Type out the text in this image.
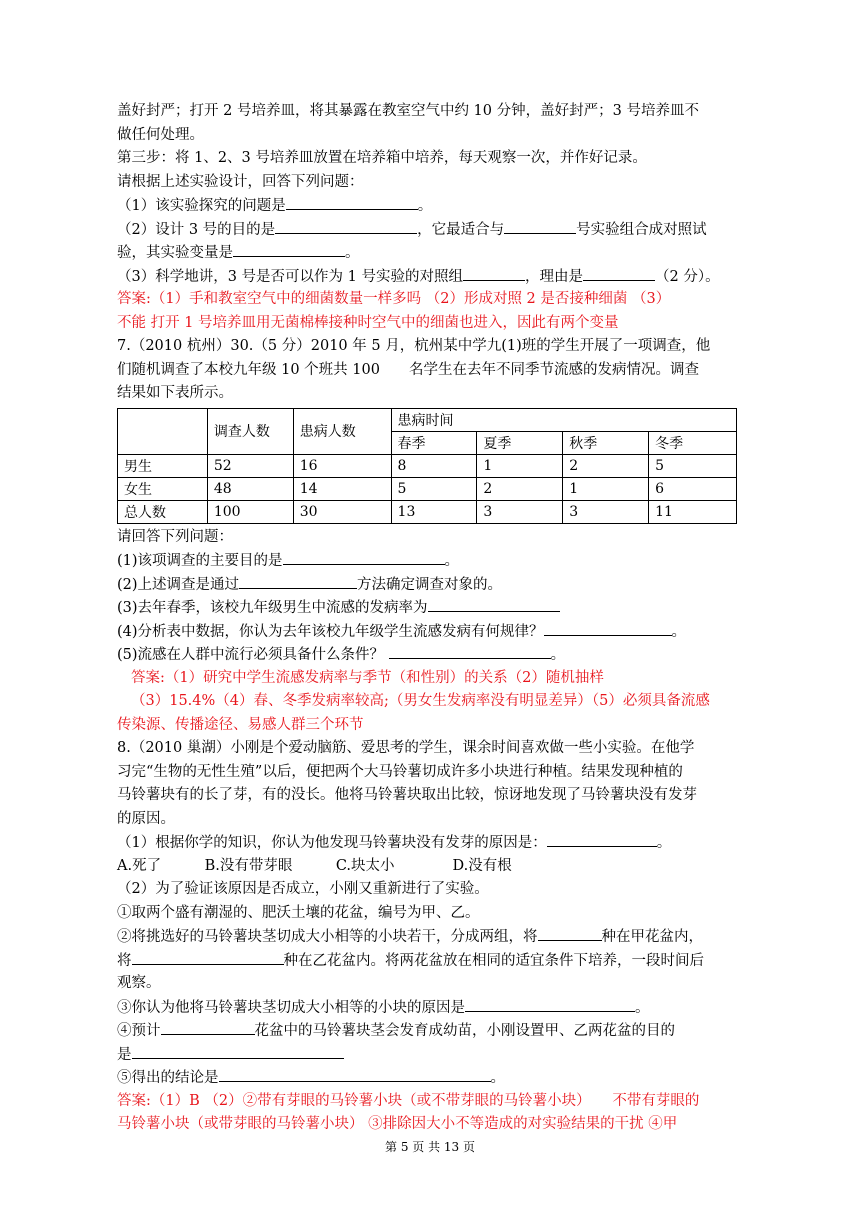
盖好封严；打开 2 号培养皿，将其暴露在教室空气中约 10 分钟，盖好封严；3 号培养皿不
做任何处理。
第三步：将 1、2、3 号培养皿放置在培养箱中培养，每天观察一次，并作好记录。
请根据上述实验设计，回答下列问题：
（1）该实验探究的问题是	。
（2）设计 3 号的目的是	，它最适合与	号实验组合成对照试
验，其实验变量是	。
（3）科学地讲，3 号是否可以作为 1 号实验的对照组	，理由是	（2 分）。
答案:（1）手和教室空气中的细菌数量一样多吗 （2）形成对照 2 是否接种细菌 （3）
不能 打开 1 号培养皿用无菌棉棒接种时空气中的细菌也进入，因此有两个变量
7.（2010 杭州）30.（5 分）2010 年 5 月，杭州某中学九(1)班的学生开展了一项调查，他
们随机调查了本校九年级 10 个班共 100　　名学生在去年不同季节流感的发病情况。调查
结果如下表所示。
	调查人数	患病人数	患病时间			
			春季	夏季	秋季	冬季
男生	52	16	8	1	2	5
女生	48	14	5	2	1	6
总人数	100	30	13	3	3	11
请回答下列问题：
(1)该项调查的主要目的是	。
(2)上述调查是通过	方法确定调查对象的。
(3)去年春季，该校九年级男生中流感的发病率为
(4)分析表中数据，你认为去年该校九年级学生流感发病有何规律？	。
(5)流感在人群中流行必须具备什么条件？	。
答案:（1）研究中学生流感发病率与季节（和性别）的关系（2）随机抽样
（3）15.4%（4）春、冬季发病率较高;（男女生发病率没有明显差异）（5）必须具备流感
传染源、传播途径、易感人群三个环节
8.（2010 巢湖）小刚是个爱动脑筋、爱思考的学生，课余时间喜欢做一些小实验。在他学
习完“生物的无性生殖”以后，便把两个大马铃薯切成许多小块进行种植。结果发现种植的
马铃薯块有的长了芽，有的没长。他将马铃薯块取出比较，惊讶地发现了马铃薯块没有发芽
的原因。
（1）根据你学的知识，你认为他发现马铃薯块没有发芽的原因是：	。
A.死了　　　B.没有带芽眼　　　C.块太小　　　　D.没有根
（2）为了验证该原因是否成立，小刚又重新进行了实验。
①取两个盛有潮湿的、肥沃土壤的花盆，编号为甲、乙。
②将挑选好的马铃薯块茎切成大小相等的小块若干，分成两组，将	种在甲花盆内，
将	种在乙花盆内。将两花盆放在相同的适宜条件下培养，一段时间后
观察。
③你认为他将马铃薯块茎切成大小相等的小块的原因是	。
④预计	花盆中的马铃薯块茎会发育成幼苗，小刚设置甲、乙两花盆的目的
是
⑤得出的结论是	。
答案:（1）B （2）②带有芽眼的马铃薯小块（或不带芽眼的马铃薯小块）　　不带有芽眼的
马铃薯小块（或带芽眼的马铃薯小块） ③排除因大小不等造成的对实验结果的干扰 ④甲
第 5 页 共 13 页
